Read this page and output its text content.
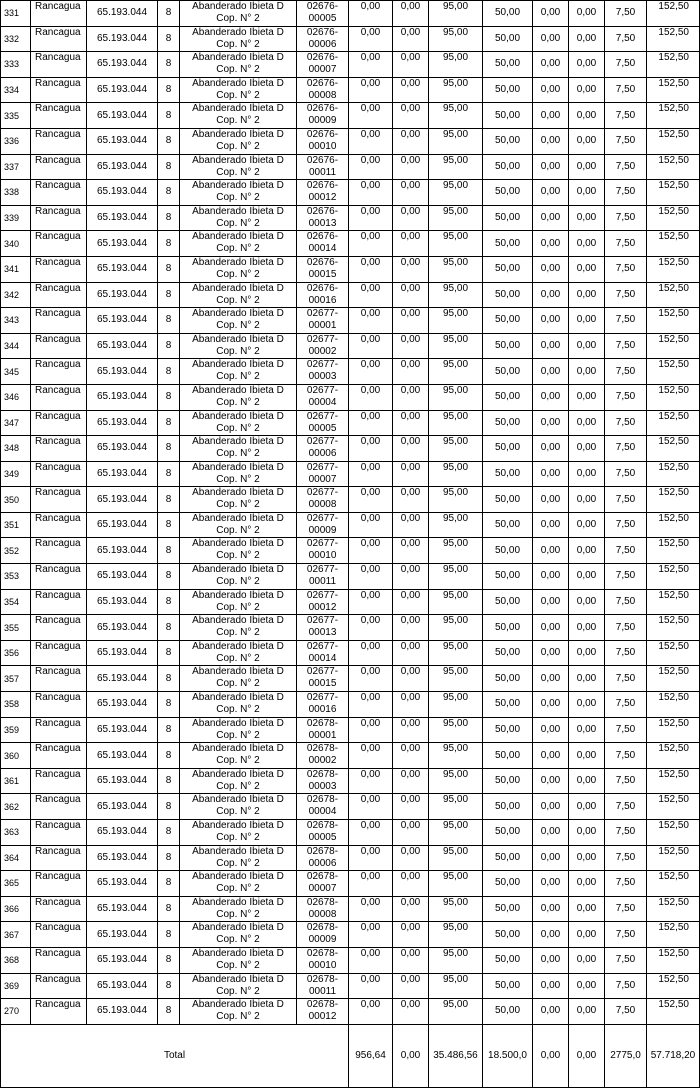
331	Rancagua	65.193.044	8	Abanderado Ibieta D Cop. N° 2	02676-00005	0,00	0,00	95,00	50,00	0,00	0,00	7,50	152,50
332	Rancagua	65.193.044	8	Abanderado Ibieta D Cop. N° 2	02676-00006	0,00	0,00	95,00	50,00	0,00	0,00	7,50	152,50
333	Rancagua	65.193.044	8	Abanderado Ibieta D Cop. N° 2	02676-00007	0,00	0,00	95,00	50,00	0,00	0,00	7,50	152,50
334	Rancagua	65.193.044	8	Abanderado Ibieta D Cop. N° 2	02676-00008	0,00	0,00	95,00	50,00	0,00	0,00	7,50	152,50
335	Rancagua	65.193.044	8	Abanderado Ibieta D Cop. N° 2	02676-00009	0,00	0,00	95,00	50,00	0,00	0,00	7,50	152,50
336	Rancagua	65.193.044	8	Abanderado Ibieta D Cop. N° 2	02676-00010	0,00	0,00	95,00	50,00	0,00	0,00	7,50	152,50
337	Rancagua	65.193.044	8	Abanderado Ibieta D Cop. N° 2	02676-00011	0,00	0,00	95,00	50,00	0,00	0,00	7,50	152,50
338	Rancagua	65.193.044	8	Abanderado Ibieta D Cop. N° 2	02676-00012	0,00	0,00	95,00	50,00	0,00	0,00	7,50	152,50
339	Rancagua	65.193.044	8	Abanderado Ibieta D Cop. N° 2	02676-00013	0,00	0,00	95,00	50,00	0,00	0,00	7,50	152,50
340	Rancagua	65.193.044	8	Abanderado Ibieta D Cop. N° 2	02676-00014	0,00	0,00	95,00	50,00	0,00	0,00	7,50	152,50
341	Rancagua	65.193.044	8	Abanderado Ibieta D Cop. N° 2	02676-00015	0,00	0,00	95,00	50,00	0,00	0,00	7,50	152,50
342	Rancagua	65.193.044	8	Abanderado Ibieta D Cop. N° 2	02676-00016	0,00	0,00	95,00	50,00	0,00	0,00	7,50	152,50
343	Rancagua	65.193.044	8	Abanderado Ibieta D Cop. N° 2	02677-00001	0,00	0,00	95,00	50,00	0,00	0,00	7,50	152,50
344	Rancagua	65.193.044	8	Abanderado Ibieta D Cop. N° 2	02677-00002	0,00	0,00	95,00	50,00	0,00	0,00	7,50	152,50
345	Rancagua	65.193.044	8	Abanderado Ibieta D Cop. N° 2	02677-00003	0,00	0,00	95,00	50,00	0,00	0,00	7,50	152,50
346	Rancagua	65.193.044	8	Abanderado Ibieta D Cop. N° 2	02677-00004	0,00	0,00	95,00	50,00	0,00	0,00	7,50	152,50
347	Rancagua	65.193.044	8	Abanderado Ibieta D Cop. N° 2	02677-00005	0,00	0,00	95,00	50,00	0,00	0,00	7,50	152,50
348	Rancagua	65.193.044	8	Abanderado Ibieta D Cop. N° 2	02677-00006	0,00	0,00	95,00	50,00	0,00	0,00	7,50	152,50
349	Rancagua	65.193.044	8	Abanderado Ibieta D Cop. N° 2	02677-00007	0,00	0,00	95,00	50,00	0,00	0,00	7,50	152,50
350	Rancagua	65.193.044	8	Abanderado Ibieta D Cop. N° 2	02677-00008	0,00	0,00	95,00	50,00	0,00	0,00	7,50	152,50
351	Rancagua	65.193.044	8	Abanderado Ibieta D Cop. N° 2	02677-00009	0,00	0,00	95,00	50,00	0,00	0,00	7,50	152,50
352	Rancagua	65.193.044	8	Abanderado Ibieta D Cop. N° 2	02677-00010	0,00	0,00	95,00	50,00	0,00	0,00	7,50	152,50
353	Rancagua	65.193.044	8	Abanderado Ibieta D Cop. N° 2	02677-00011	0,00	0,00	95,00	50,00	0,00	0,00	7,50	152,50
354	Rancagua	65.193.044	8	Abanderado Ibieta D Cop. N° 2	02677-00012	0,00	0,00	95,00	50,00	0,00	0,00	7,50	152,50
355	Rancagua	65.193.044	8	Abanderado Ibieta D Cop. N° 2	02677-00013	0,00	0,00	95,00	50,00	0,00	0,00	7,50	152,50
356	Rancagua	65.193.044	8	Abanderado Ibieta D Cop. N° 2	02677-00014	0,00	0,00	95,00	50,00	0,00	0,00	7,50	152,50
357	Rancagua	65.193.044	8	Abanderado Ibieta D Cop. N° 2	02677-00015	0,00	0,00	95,00	50,00	0,00	0,00	7,50	152,50
358	Rancagua	65.193.044	8	Abanderado Ibieta D Cop. N° 2	02677-00016	0,00	0,00	95,00	50,00	0,00	0,00	7,50	152,50
359	Rancagua	65.193.044	8	Abanderado Ibieta D Cop. N° 2	02678-00001	0,00	0,00	95,00	50,00	0,00	0,00	7,50	152,50
360	Rancagua	65.193.044	8	Abanderado Ibieta D Cop. N° 2	02678-00002	0,00	0,00	95,00	50,00	0,00	0,00	7,50	152,50
361	Rancagua	65.193.044	8	Abanderado Ibieta D Cop. N° 2	02678-00003	0,00	0,00	95,00	50,00	0,00	0,00	7,50	152,50
362	Rancagua	65.193.044	8	Abanderado Ibieta D Cop. N° 2	02678-00004	0,00	0,00	95,00	50,00	0,00	0,00	7,50	152,50
363	Rancagua	65.193.044	8	Abanderado Ibieta D Cop. N° 2	02678-00005	0,00	0,00	95,00	50,00	0,00	0,00	7,50	152,50
364	Rancagua	65.193.044	8	Abanderado Ibieta D Cop. N° 2	02678-00006	0,00	0,00	95,00	50,00	0,00	0,00	7,50	152,50
365	Rancagua	65.193.044	8	Abanderado Ibieta D Cop. N° 2	02678-00007	0,00	0,00	95,00	50,00	0,00	0,00	7,50	152,50
366	Rancagua	65.193.044	8	Abanderado Ibieta D Cop. N° 2	02678-00008	0,00	0,00	95,00	50,00	0,00	0,00	7,50	152,50
367	Rancagua	65.193.044	8	Abanderado Ibieta D Cop. N° 2	02678-00009	0,00	0,00	95,00	50,00	0,00	0,00	7,50	152,50
368	Rancagua	65.193.044	8	Abanderado Ibieta D Cop. N° 2	02678-00010	0,00	0,00	95,00	50,00	0,00	0,00	7,50	152,50
369	Rancagua	65.193.044	8	Abanderado Ibieta D Cop. N° 2	02678-00011	0,00	0,00	95,00	50,00	0,00	0,00	7,50	152,50
270	Rancagua	65.193.044	8	Abanderado Ibieta D Cop. N° 2	02678-00012	0,00	0,00	95,00	50,00	0,00	0,00	7,50	152,50
Total						956,64	0,00	35.486,56	18.500,0	0,00	0,00	2775,0	57.718,20
